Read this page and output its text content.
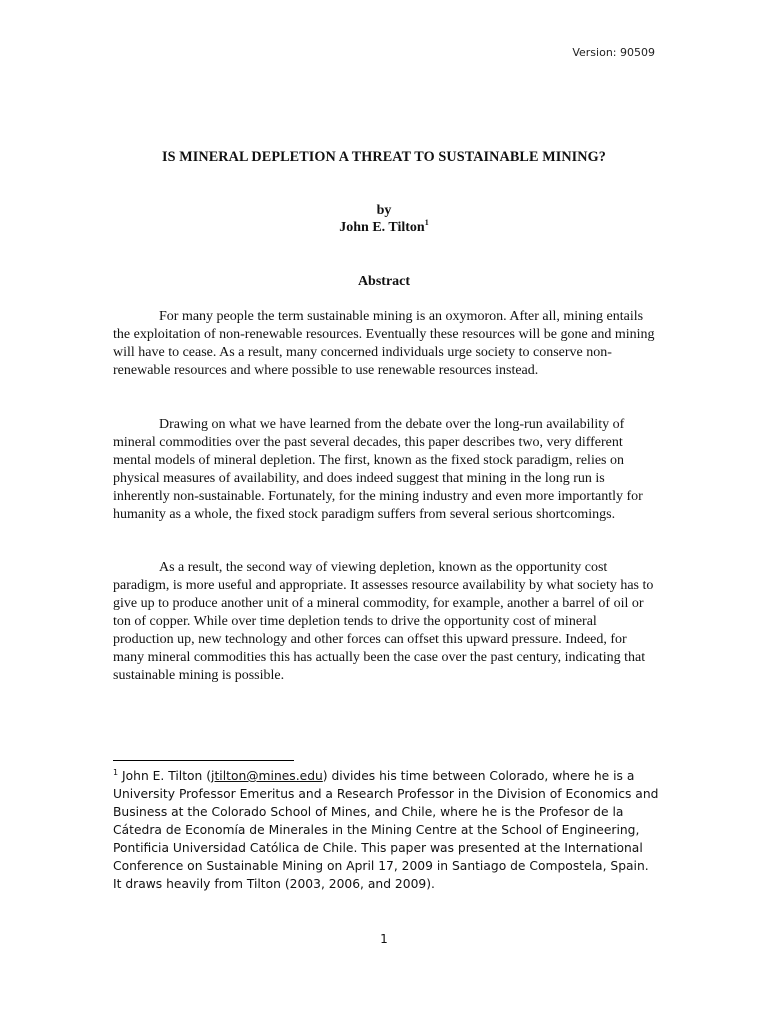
Version: 90509
IS MINERAL DEPLETION A THREAT TO SUSTAINABLE MINING?
by
John E. Tilton$^1$
Abstract

For many people the term sustainable mining is an oxymoron. After all, mining entails the exploitation of non-renewable resources. Eventually these resources will be gone and mining will have to cease. As a result, many concerned individuals urge society to conserve non-renewable resources and where possible to use renewable resources instead.

Drawing on what we have learned from the debate over the long-run availability of mineral commodities over the past several decades, this paper describes two, very different mental models of mineral depletion. The first, known as the fixed stock paradigm, relies on physical measures of availability, and does indeed suggest that mining in the long run is inherently non-sustainable. Fortunately, for the mining industry and even more importantly for humanity as a whole, the fixed stock paradigm suffers from several serious shortcomings.

As a result, the second way of viewing depletion, known as the opportunity cost paradigm, is more useful and appropriate. It assesses resource availability by what society has to give up to produce another unit of a mineral commodity, for example, another a barrel of oil or ton of copper. While over time depletion tends to drive the opportunity cost of mineral production up, new technology and other forces can offset this upward pressure. Indeed, for many mineral commodities this has actually been the case over the past century, indicating that sustainable mining is possible.

$^1$ John E. Tilton (jtilton@mines.edu) divides his time between Colorado, where he is a University Professor Emeritus and a Research Professor in the Division of Economics and Business at the Colorado School of Mines, and Chile, where he is the Profesor de la Cátedra de Economía de Minerales in the Mining Centre at the School of Engineering, Pontificia Universidad Católica de Chile. This paper was presented at the International Conference on Sustainable Mining on April 17, 2009 in Santiago de Compostela, Spain. It draws heavily from Tilton (2003, 2006, and 2009).
1
